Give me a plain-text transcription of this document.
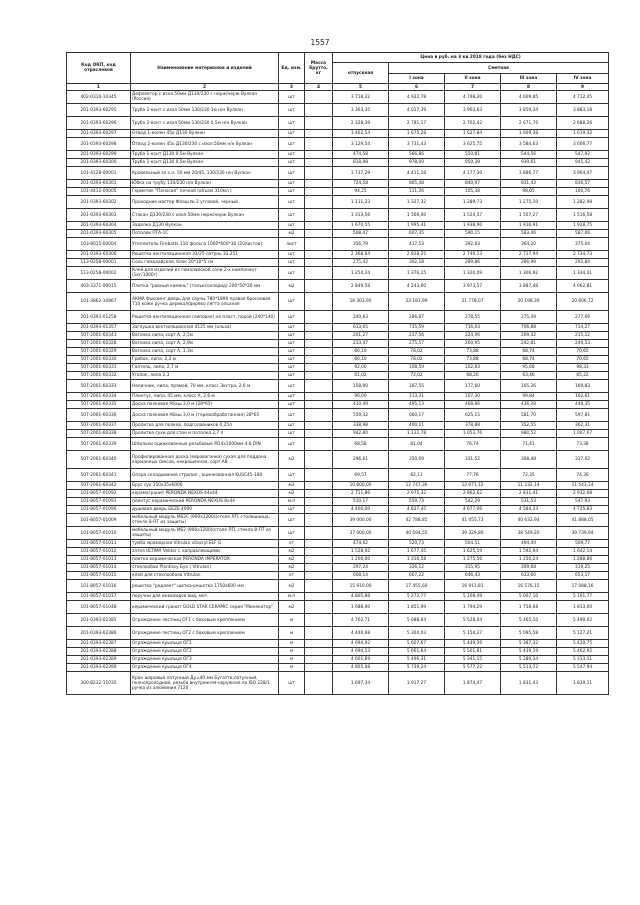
1557
Код ОКП, код отраслевой	Наименование материалов и изделий	Ед. изм.	Масса брутто, кг	Цена в руб. на 3 кв 2018 года (без НДС)				
				отпускная	Сметная			
					I зона	II зона	III зона	IV зона
1	2	3	4	5	6	7	8	9
402-0310-10345	Дефлектор с изол.50мм Д130/230 с нерж/нерж Вулкан (Россия)	шт		3 718,22	4 922,78	4 798,20	4 609,85	4 712,45
201-0393-60295	Труба 2-конт с изол 50мм 130/230 1м н/н Вулкан	шт		3 363,35	4 017,39	3 903,63	3 859,34	3 883,18
201-0393-60296	Труба 2-конт с изол 50мм 130/230 0,5м н/н Вулкан	шт		2 328,39	2 781,17	2 702,42	2 671,76	2 688,26
201-0393-60297	Отвод 1-колен 45о Д130 Вулкан	шт		1 402,54	1 675,28	1 627,84	1 609,38	1 619,32
201-0393-60298	Отвод 2-колен 45о Д130/230 с изол.50мм н/н Вулкан	шт		3 129,54	3 731,43	3 625,75	3 584,63	3 606,77
201-0393-60299	Труба 1-конт Д130 0,5м Вулкан	шт		474,58	566,86	550,81	544,56	547,92
201-0393-60300	Труба 1-конт Д130 0,5м Вулкан	шт		818,98	978,09	950,39	939,61	945,42
101-4128-00001	Кровельный эл.с.н. 50 мм 20/45, 130/230 н/н Вулкан	шт		3 737,29	4 411,18	4 177,30	3 886,77	3 964,47
201-0393-60301	Юбка на трубу 130/230 н/н Вулкан	шт		724,58	865,48	840,97	831,43	836,57
101-4412-00005	Герметик "Пеносил" печной (объем 310мл )	шт		94,25	111,26	105,38	98,05	100,76
201-0393-60302	Проходник мастер Флеш № 2 угловой, черный	шт		1 111,23	1 327,32	1 289,73	1 275,10	1 282,98
201-0393-60303	Стакан Д130/230 с изол.50мм нерж/нерж Вулкан	шт		1 313,56	1 569,00	1 524,57	1 507,27	1 516,58
201-0393-60304	Заделка Д130 Вулкан	шт		1 670,55	1 995,41	1 938,90	1 916,91	1 928,75
201-0393-60305	Потолок ПТА-1С	м2		508,47	607,35	590,15	583,46	587,06
103-8015-00004	Утеплитель Firebatts 110 фольга 1000*600*30 (20листов)	лист		356,79	417,53	392,83	364,20	375,04
201-0393-60306	Решетка вентиляционная 33/25 латунь 33.251	шт		2 368,64	2 828,25	2 749,13	2 717,94	2 734,73
113-0258-00001	Соль гималайская, блок 20*10*5 см	шт		275,42	302,18	289,86	286,99	292,84
113-0258-00002	Клей для изделий из гималайской соли 2-х компонент. (1кг/1000г)	шт		1 254,24	1 376,15	1 320,09	1 306,92	1 334,01
403-3371-00015	Плитка "равный камень" (тальксохлорид) 200*50*20 мм	м2		2 849,58	4 243,00	3 973,57	3 887,48	4 062,81
101-3862-10867	АКМА Фьюзинг дверь для сауны 780*1890 правая бронзовая 710 коже ручка деревал/дерево лягта ольхная	шт		18 303,90	23 181,99	21 778,07	20 198,39	20 606,72
201-0393-01258	Решетка вентиляционная (липовая) на пласт. порой (240*140)	шт		240,63	286,87	278,55	275,39	277,09
201-0393-01357	Заглушка вентиляционная d125 мм (ольха)	шт		613,65	735,59	716,03	706,88	714,27
507-2001-60343	Вагонка липа, сорт А, 2,5м	шт		201,27	237,56	224,96	209,32	215,12
507-2001-60328	Вагонка липа, сорт А, 2,9м	шт		233,47	275,57	260,95	242,81	249,53
507-2001-60329	Вагонка липа, сорт А, 1,3м	шт		66,10	78,02	73,88	68,74	70,65
507-2001-60330	Грибок, липа, 2,3 м	шт		66,10	78,02	73,88	68,74	70,65
507-2001-60331	Галтель, липа, 2,7 м	шт		92,00	108,59	102,83	95,68	98,33
507-2001-60332	Уголок, липа 2,3	шт		61,02	72,02	68,20	63,46	65,22
507-2001-60333	Наличник, липа, прямой, 70 мм, класс Экстра, 2,6 м	шт		158,90	187,55	177,60	165,26	169,83
507-2001-60334	Плинтус, липа, 45 мм, класс А, 2,6 м	шт		96,00	113,31	107,30	99,84	102,61
507-2001-60335	Доска полковая Абаш 3,0 м (28*65)	шт		410,49	495,13	468,86	436,28	448,35
507-2001-60336	Доска полковая Абаш 3,0 м (термообработанная) 28*65	шт		559,32	660,17	625,15	581,70	597,81
507-2001-60337	Пропитка для полков, подголовников 0,25л	шт		338,98	400,11	378,88	352,55	362,31
507-2001-60338	Пропитка сухи для стен и потолка 2,7 л	шт		942,80	1 112,78	1 053,76	980,52	1 007,67
507-2001-60339	Шпильки оцинкованные резьбовые M14х1000мм 4.8 DIN	шт		68,58	81,04	76,74	71,41	73,38
507-2001-60340	Профилированная доска (евровагонка) сухая для поддона карманных свесов, некрошенная, сорт АВ	м2		296,61	350,09	331,52	308,48	317,02
507-2001-60341	Опора складывания стропил , оцинкованная KUSC45-180	шт		69,57	82,11	77,76	72,35	74,36
507-2001-60342	Брус сух 150х35х6000	м3		10 800,00	12 747,36	12 071,12	11 232,14	11 543,14
101-8057-01092	керамогранит PERONDA NEXUS 44х44	м2		2 711,86	2 975,32	2 862,62	2 831,41	2 912,68
101-8057-01091	плинтус керамический PERONDA NEXUS 8х44	м.п		510,17	559,73	542,29	531,53	547,93
101-8057-01096	душевая дверь GEZE 4000	шт		4 400,00	4 827,45	4 677,06	4 584,23	4 725,83
101-8057-01009	мебельный модуль MS2C (900х1200)(столе ЛП, столешница, стекло 8-ПТ из защиты)	шт		39 000,00	42 788,85	41 455,73	40 632,94	41 888,05
101-8057-01010	мебельный модуль MS2 (900х1200)(столе ЛП, стекло 8-ПТ из защиты)	шт		37 000,00	40 594,55	39 329,80	38 549,20	39 739,94
101-8057-01011	тумба мраморная Vitrulan vitacryl ELF G	кг		474,62	520,73	504,51	494,49	509,77
101-8057-01012	затея ULTIMA Vektor с направляющими	м2		1 528,92	1 677,45	1 625,19	1 592,94	1 642,14
101-8057-01013	плитка керамическая PERONDA IMPERATOR	м2		1 200,00	1 316,58	1 275,56	1 250,24	1 288,86
101-8057-01014	стеклообои Plantissy Бук ( Vitrulan)	м2		297,24	326,12	315,95	309,68	319,25
101-8057-01015	клей для стеклообоев Vitrulan	кг		608,14	667,22	646,43	633,60	653,17
101-8057-01016	решетка "редлект" щетка-решетка 1750х600 мм	м2		15 910,00	17 455,60	16 911,81	16 576,15	17 088,16
101-8057-01017	поручни для инвалидов вид, мет.	м.п		4 805,88	5 272,77	5 108,49	5 007,10	5 161,77
101-8057-01048	керамический гранит GOLD STAR CERAMIC серия "Минекотор"	м2		1 688,00	1 851,99	1 794,29	1 758,68	1 813,00
201-0393-02385	Ограждение лестниц ОГ1 с боковым креплением	м		4 762,71	5 688,64	5 528,04	5 465,10	5 499,02
201-0393-02386	Ограждение лестниц ОГ2 с боковым креплением	м		4 440,68	5 304,03	5 154,27	5 095,58	5 127,21
201-0393-02387	Ограждение крыльца ОГ1	м		4 694,92	5 607,67	5 449,36	5 387,32	5 420,75
201-0393-02388	Ограждение крыльца ОГ2	м		4 694,53	5 661,64	5 501,81	5 439,19	5 462,92
201-0393-02389	Ограждение крыльца ОГ3	м		4 601,69	5 496,31	5 341,15	5 280,34	5 313,11
201-0393-02390	Ограждение крыльца ОГ4	м		4 805,08	5 739,24	5 577,22	5 513,72	5 547,94
300-8232-11035	Кран шаровый латунный Ду=40 мм Бугатти,латунный, полнопроходной, резьба внутренняя-наружная по ISO 228/1 ручка из алюминия 7120	шт		1 697,34	1 917,27	1 874,47	1 831,43	1 839,11
